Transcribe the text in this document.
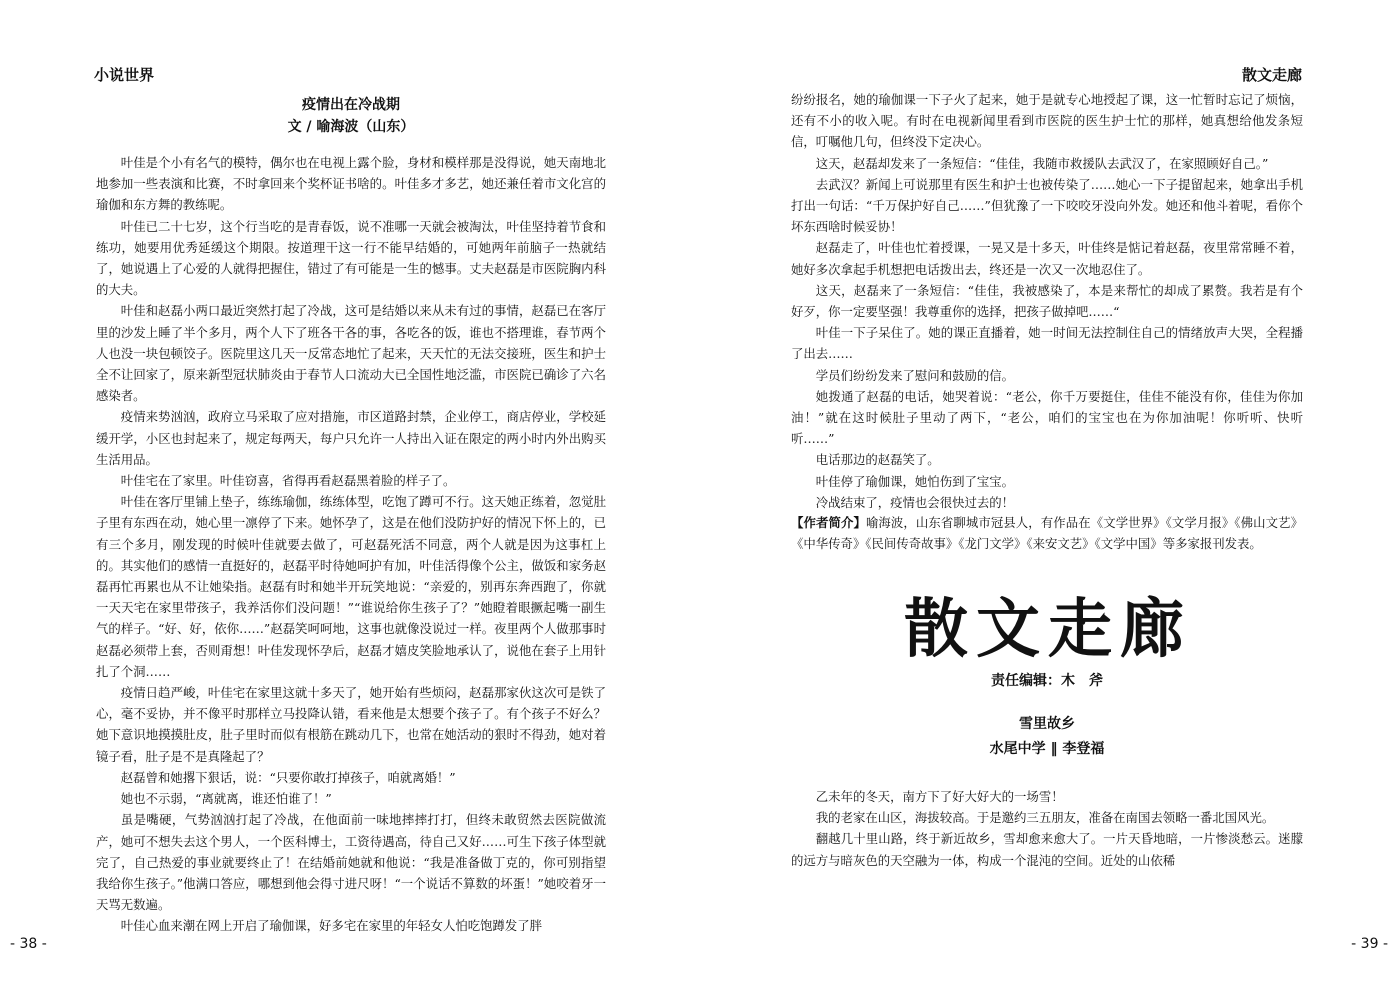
小说世界
疫情出在冷战期
文 / 喻海波（山东）

叶佳是个小有名气的模特，偶尔也在电视上露个脸，身材和模样那是没得说，她天南地北地参加一些表演和比赛，不时拿回来个奖杯证书啥的。叶佳多才多艺，她还兼任着市文化宫的瑜伽和东方舞的教练呢。

叶佳已二十七岁，这个行当吃的是青春饭，说不准哪一天就会被淘汰，叶佳坚持着节食和练功，她要用优秀延缓这个期限。按道理干这一行不能早结婚的，可她两年前脑子一热就结了，她说遇上了心爱的人就得把握住，错过了有可能是一生的憾事。丈夫赵磊是市医院胸内科的大夫。

叶佳和赵磊小两口最近突然打起了冷战，这可是结婚以来从未有过的事情，赵磊已在客厅里的沙发上睡了半个多月，两个人下了班各干各的事，各吃各的饭，谁也不搭理谁，春节两个人也没一块包顿饺子。医院里这几天一反常态地忙了起来，天天忙的无法交接班，医生和护士全不让回家了，原来新型冠状肺炎由于春节人口流动大已全国性地泛滥，市医院已确诊了六名感染者。

疫情来势汹汹，政府立马采取了应对措施，市区道路封禁，企业停工，商店停业，学校延缓开学，小区也封起来了，规定每两天，每户只允许一人持出入证在限定的两小时内外出购买生活用品。

叶佳宅在了家里。叶佳窃喜，省得再看赵磊黑着脸的样子了。

叶佳在客厅里铺上垫子，练练瑜伽，练练体型，吃饱了蹲可不行。这天她正练着，忽觉肚子里有东西在动，她心里一凛停了下来。她怀孕了，这是在他们没防护好的情况下怀上的，已有三个多月，刚发现的时候叶佳就要去做了，可赵磊死活不同意，两个人就是因为这事杠上的。其实他们的感情一直挺好的，赵磊平时待她呵护有加，叶佳活得像个公主，做饭和家务赵磊再忙再累也从不让她染指。赵磊有时和她半开玩笑地说：“亲爱的，别再东奔西跑了，你就一天天宅在家里带孩子，我养活你们没问题！”“谁说给你生孩子了？”她瞪着眼撅起嘴一副生气的样子。“好、好，依你……”赵磊笑呵呵地，这事也就像没说过一样。夜里两个人做那事时赵磊必须带上套，否则甭想！叶佳发现怀孕后，赵磊才嬉皮笑脸地承认了，说他在套子上用针扎了个洞……

疫情日趋严峻，叶佳宅在家里这就十多天了，她开始有些烦闷，赵磊那家伙这次可是铁了心，毫不妥协，并不像平时那样立马投降认错，看来他是太想要个孩子了。有个孩子不好么？她下意识地摸摸肚皮，肚子里时而似有根筋在跳动几下，也常在她活动的狠时不得劲，她对着镜子看，肚子是不是真隆起了？

赵磊曾和她撂下狠话，说：“只要你敢打掉孩子，咱就离婚！”

她也不示弱，“离就离，谁还怕谁了！”

虽是嘴硬，气势汹汹打起了冷战，在他面前一味地摔摔打打，但终未敢贸然去医院做流产，她可不想失去这个男人，一个医科博士，工资待遇高，待自己又好……可生下孩子体型就完了，自己热爱的事业就要终止了！在结婚前她就和他说：“我是准备做丁克的，你可别指望我给你生孩子。”他满口答应，哪想到他会得寸进尺呀！“一个说话不算数的坏蛋！”她咬着牙一天骂无数遍。

叶佳心血来潮在网上开启了瑜伽课，好多宅在家里的年轻女人怕吃饱蹲发了胖

- 38 -
散文走廊

纷纷报名，她的瑜伽课一下子火了起来，她于是就专心地授起了课，这一忙暂时忘记了烦恼，还有不小的收入呢。有时在电视新闻里看到市医院的医生护士忙的那样，她真想给他发条短信，叮嘱他几句，但终没下定决心。

这天，赵磊却发来了一条短信：“佳佳，我随市救援队去武汉了，在家照顾好自己。”

去武汉？新闻上可说那里有医生和护士也被传染了……她心一下子提留起来，她拿出手机打出一句话：“千万保护好自己……”但犹豫了一下咬咬牙没向外发。她还和他斗着呢，看你个坏东西啥时候妥协！

赵磊走了，叶佳也忙着授课，一晃又是十多天，叶佳终是惦记着赵磊，夜里常常睡不着，她好多次拿起手机想把电话拨出去，终还是一次又一次地忍住了。

这天，赵磊来了一条短信：“佳佳，我被感染了，本是来帮忙的却成了累赘。我若是有个好歹，你一定要坚强！我尊重你的选择，把孩子做掉吧……“

叶佳一下子呆住了。她的课正直播着，她一时间无法控制住自己的情绪放声大哭，全程播了出去……

学员们纷纷发来了慰问和鼓励的信。

她拨通了赵磊的电话，她哭着说：“老公，你千万要挺住，佳佳不能没有你，佳佳为你加油！”就在这时候肚子里动了两下，“老公，咱们的宝宝也在为你加油呢！你听听、快听听……”

电话那边的赵磊笑了。

叶佳停了瑜伽课，她怕伤到了宝宝。

冷战结束了，疫情也会很快过去的！

【作者简介】喻海波，山东省聊城市冠县人，有作品在《文学世界》《文学月报》《佛山文艺》《中华传奇》《民间传奇故事》《龙门文学》《来安文艺》《文学中国》等多家报刊发表。
散文走廊
责任编辑：木　斧
雪里故乡
水尾中学 ‖ 李登福

乙未年的冬天，南方下了好大好大的一场雪！

我的老家在山区，海拔较高。于是邀约三五朋友，准备在南国去领略一番北国风光。

翻越几十里山路，终于新近故乡，雪却愈来愈大了。一片天昏地暗，一片惨淡愁云。迷朦的远方与暗灰色的天空融为一体，构成一个混沌的空间。近处的山依稀

- 39 -
